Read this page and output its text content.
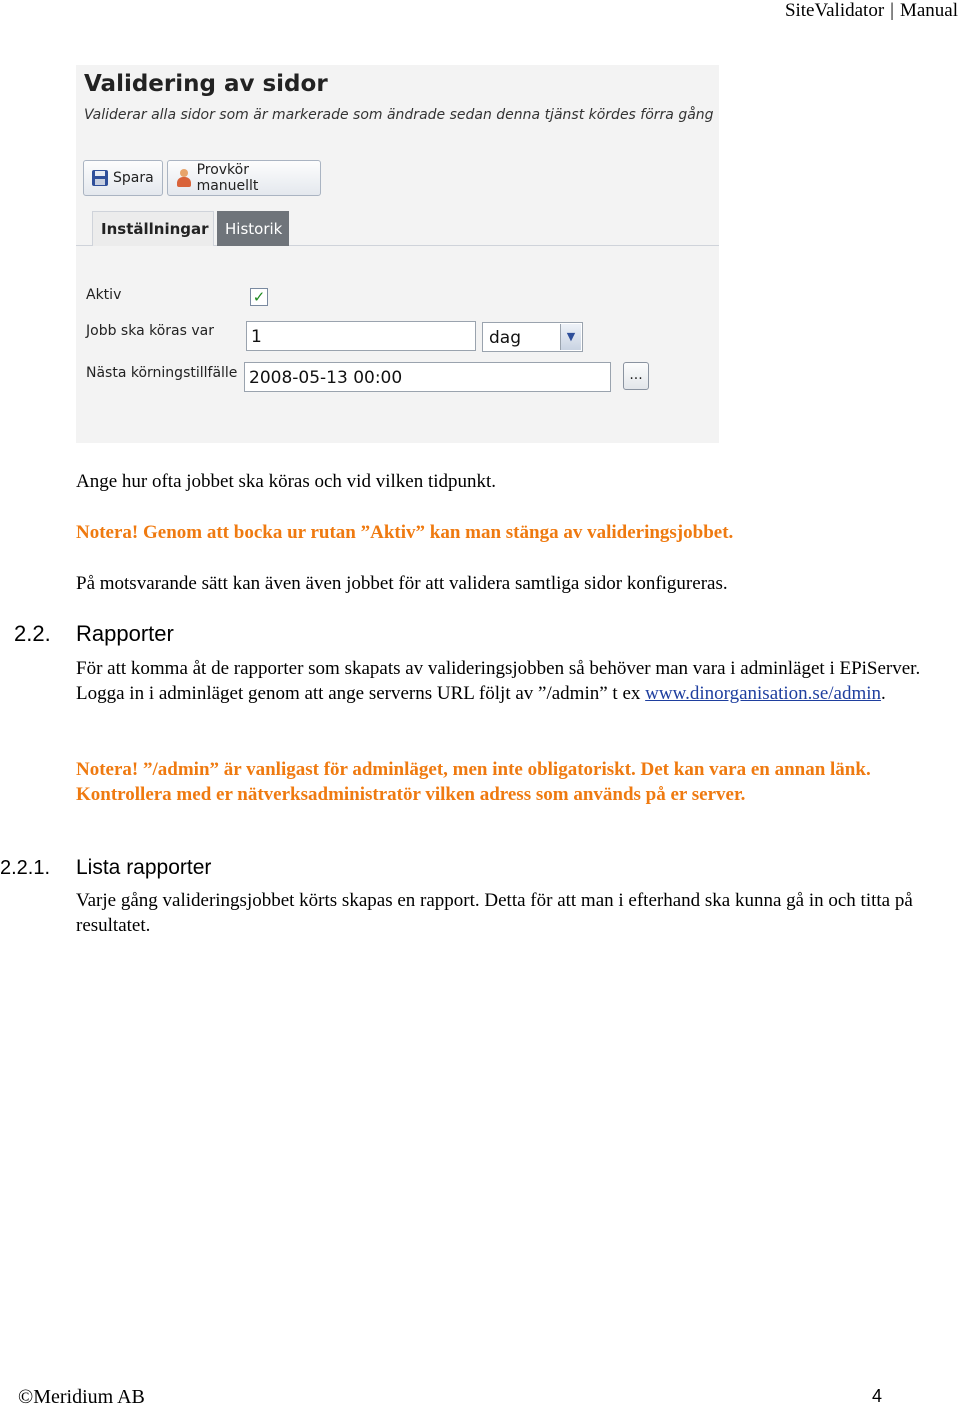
SiteValidator | Manual
Validering av sidor
Validerar alla sidor som är markerade som ändrade sedan denna tjänst kördes förra gång
Spara	Provkör manuellt
Inställningar Historik
Aktiv	✓
Jobb ska köras var 1	dag	▼
Nästa körningstillfälle 2008-05-13 00:00	...
Ange hur ofta jobbet ska köras och vid vilken tidpunkt.
Notera! Genom att bocka ur rutan ”Aktiv” kan man stänga av valideringsjobbet.
På motsvarande sätt kan även även jobbet för att validera samtliga sidor konfigureras.
2.2. Rapporter
För att komma åt de rapporter som skapats av valideringsjobben så behöver man vara i adminläget i EPiServer. Logga in i adminläget genom att ange serverns URL följt av ”/admin” t ex www.dinorganisation.se/admin.
Notera! ”/admin” är vanligast för adminläget, men inte obligatoriskt. Det kan vara en annan länk. Kontrollera med er nätverksadministratör vilken adress som används på er server.
2.2.1. Lista rapporter
Varje gång valideringsjobbet körts skapas en rapport. Detta för att man i efterhand ska kunna gå in och titta på resultatet.
©Meridium AB	4
